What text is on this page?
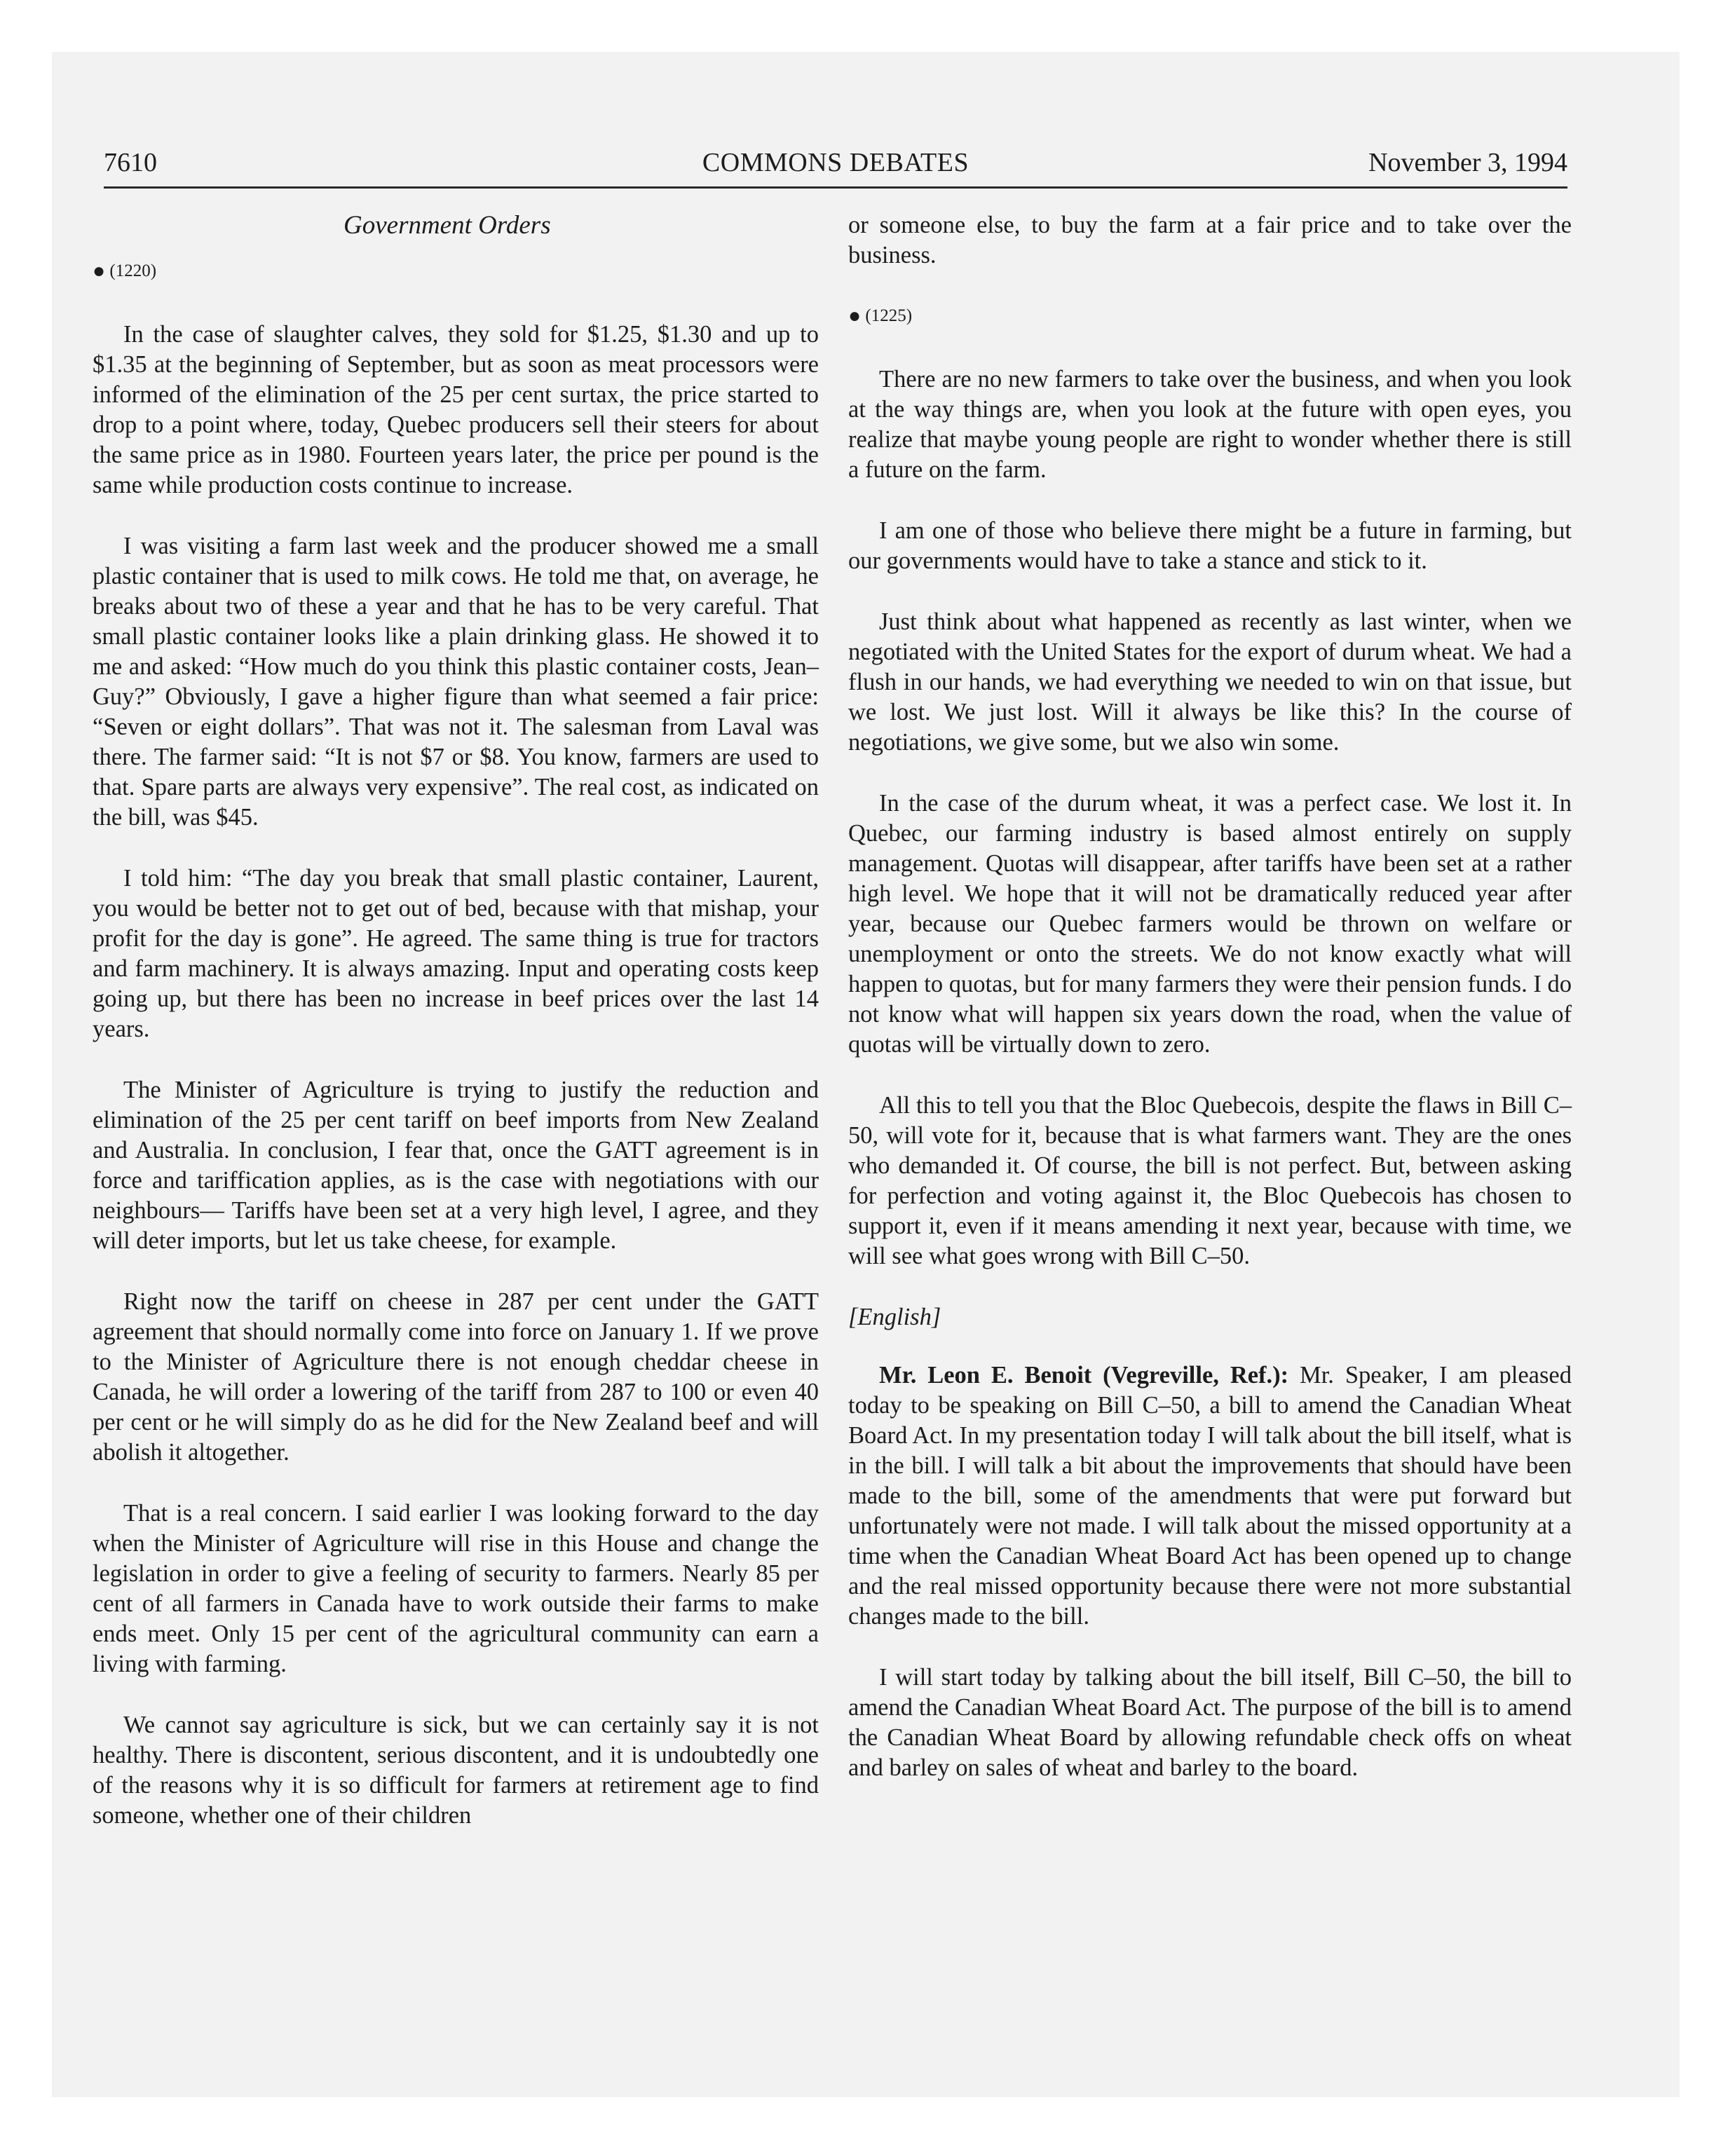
7610	COMMONS DEBATES	November 3, 1994
Government Orders
● (1220)

In the case of slaughter calves, they sold for $1.25, $1.30 and up to $1.35 at the beginning of September, but as soon as meat processors were informed of the elimination of the 25 per cent surtax, the price started to drop to a point where, today, Quebec producers sell their steers for about the same price as in 1980. Fourteen years later, the price per pound is the same while production costs continue to increase.

I was visiting a farm last week and the producer showed me a small plastic container that is used to milk cows. He told me that, on average, he breaks about two of these a year and that he has to be very careful. That small plastic container looks like a plain drinking glass. He showed it to me and asked: “How much do you think this plastic container costs, Jean–Guy?” Obviously, I gave a higher figure than what seemed a fair price: “Seven or eight dollars”. That was not it. The salesman from Laval was there. The farmer said: “It is not $7 or $8. You know, farmers are used to that. Spare parts are always very expensive”. The real cost, as indicated on the bill, was $45.

I told him: “The day you break that small plastic container, Laurent, you would be better not to get out of bed, because with that mishap, your profit for the day is gone”. He agreed. The same thing is true for tractors and farm machinery. It is always amazing. Input and operating costs keep going up, but there has been no increase in beef prices over the last 14 years.

The Minister of Agriculture is trying to justify the reduction and elimination of the 25 per cent tariff on beef imports from New Zealand and Australia. In conclusion, I fear that, once the GATT agreement is in force and tariffication applies, as is the case with negotiations with our neighbours— Tariffs have been set at a very high level, I agree, and they will deter imports, but let us take cheese, for example.

Right now the tariff on cheese in 287 per cent under the GATT agreement that should normally come into force on January 1. If we prove to the Minister of Agriculture there is not enough cheddar cheese in Canada, he will order a lowering of the tariff from 287 to 100 or even 40 per cent or he will simply do as he did for the New Zealand beef and will abolish it altogether.

That is a real concern. I said earlier I was looking forward to the day when the Minister of Agriculture will rise in this House and change the legislation in order to give a feeling of security to farmers. Nearly 85 per cent of all farmers in Canada have to work outside their farms to make ends meet. Only 15 per cent of the agricultural community can earn a living with farming.

We cannot say agriculture is sick, but we can certainly say it is not healthy. There is discontent, serious discontent, and it is undoubtedly one of the reasons why it is so difficult for farmers at retirement age to find someone, whether one of their children

or someone else, to buy the farm at a fair price and to take over the business.

● (1225)

There are no new farmers to take over the business, and when you look at the way things are, when you look at the future with open eyes, you realize that maybe young people are right to wonder whether there is still a future on the farm.

I am one of those who believe there might be a future in farming, but our governments would have to take a stance and stick to it.

Just think about what happened as recently as last winter, when we negotiated with the United States for the export of durum wheat. We had a flush in our hands, we had everything we needed to win on that issue, but we lost. We just lost. Will it always be like this? In the course of negotiations, we give some, but we also win some.

In the case of the durum wheat, it was a perfect case. We lost it. In Quebec, our farming industry is based almost entirely on supply management. Quotas will disappear, after tariffs have been set at a rather high level. We hope that it will not be dramatically reduced year after year, because our Quebec farmers would be thrown on welfare or unemployment or onto the streets. We do not know exactly what will happen to quotas, but for many farmers they were their pension funds. I do not know what will happen six years down the road, when the value of quotas will be virtually down to zero.

All this to tell you that the Bloc Quebecois, despite the flaws in Bill C–50, will vote for it, because that is what farmers want. They are the ones who demanded it. Of course, the bill is not perfect. But, between asking for perfection and voting against it, the Bloc Quebecois has chosen to support it, even if it means amending it next year, because with time, we will see what goes wrong with Bill C–50.

[English]

Mr. Leon E. Benoit (Vegreville, Ref.): Mr. Speaker, I am pleased today to be speaking on Bill C–50, a bill to amend the Canadian Wheat Board Act. In my presentation today I will talk about the bill itself, what is in the bill. I will talk a bit about the improvements that should have been made to the bill, some of the amendments that were put forward but unfortunately were not made. I will talk about the missed opportunity at a time when the Canadian Wheat Board Act has been opened up to change and the real missed opportunity because there were not more substantial changes made to the bill.

I will start today by talking about the bill itself, Bill C–50, the bill to amend the Canadian Wheat Board Act. The purpose of the bill is to amend the Canadian Wheat Board by allowing refundable check offs on wheat and barley on sales of wheat and barley to the board.
